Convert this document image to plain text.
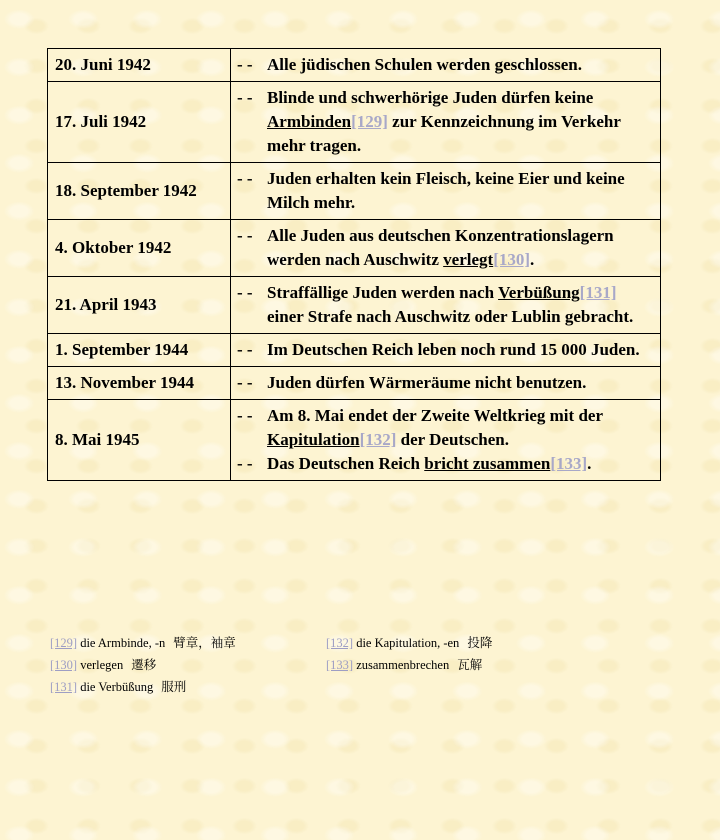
20. Juni 1942	- - Alle jüdischen Schulen werden geschlossen.

17. Juli 1942	- - Blinde und schwerhörige Juden dürfen keine Armbinden[129] zur Kennzeichnung im Verkehr mehr tragen.

18. September 1942	- - Juden erhalten kein Fleisch, keine Eier und keine Milch mehr.

4. Oktober 1942	- - Alle Juden aus deutschen Konzentrationslagern werden nach Auschwitz verlegt[130].

21. April 1943	- - Straffällige Juden werden nach Verbüßung[131] einer Strafe nach Auschwitz oder Lublin gebracht.

1. September 1944	- - Im Deutschen Reich leben noch rund 15 000 Juden.

13. November 1944	- - Juden dürfen Wärmeräume nicht benutzen.

8. Mai 1945	- - Am 8. Mai endet der Zweite Weltkrieg mit der Kapitulation[132] der Deutschen.
- - Das Deutschen Reich bricht zusammen[133].
[129] die Armbinde, -n 臂章，袖章
[130] verlegen 遷移
[131] die Verbüßung 服刑
[132] die Kapitulation, -en 投降
[133] zusammenbrechen 瓦解
